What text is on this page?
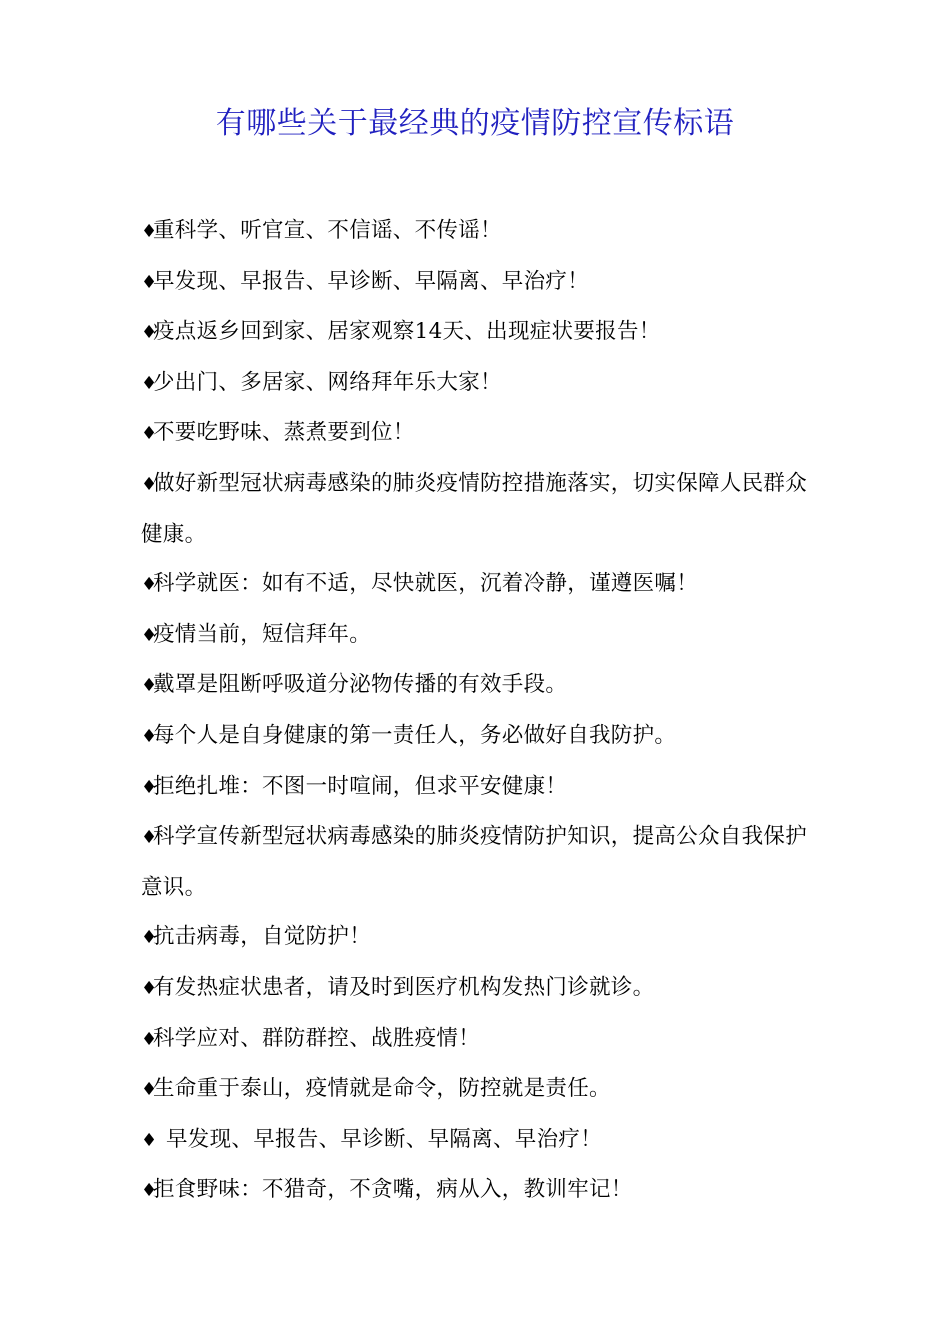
有哪些关于最经典的疫情防控宣传标语
♦重科学、听官宣、不信谣、不传谣！
♦早发现、早报告、早诊断、早隔离、早治疗！
♦疫点返乡回到家、居家观察14天、出现症状要报告！
♦少出门、多居家、网络拜年乐大家！
♦不要吃野味、蒸煮要到位！
♦做好新型冠状病毒感染的肺炎疫情防控措施落实，切实保障人民群众健康。
♦科学就医：如有不适，尽快就医，沉着冷静，谨遵医嘱！
♦疫情当前，短信拜年。
♦戴罩是阻断呼吸道分泌物传播的有效手段。
♦每个人是自身健康的第一责任人，务必做好自我防护。
♦拒绝扎堆：不图一时喧闹，但求平安健康！
♦科学宣传新型冠状病毒感染的肺炎疫情防护知识，提高公众自我保护意识。
♦抗击病毒，自觉防护！
♦有发热症状患者，请及时到医疗机构发热门诊就诊。
♦科学应对、群防群控、战胜疫情！
♦生命重于泰山，疫情就是命令，防控就是责任。
♦ 早发现、早报告、早诊断、早隔离、早治疗！
♦拒食野味：不猎奇，不贪嘴，病从入，教训牢记！
